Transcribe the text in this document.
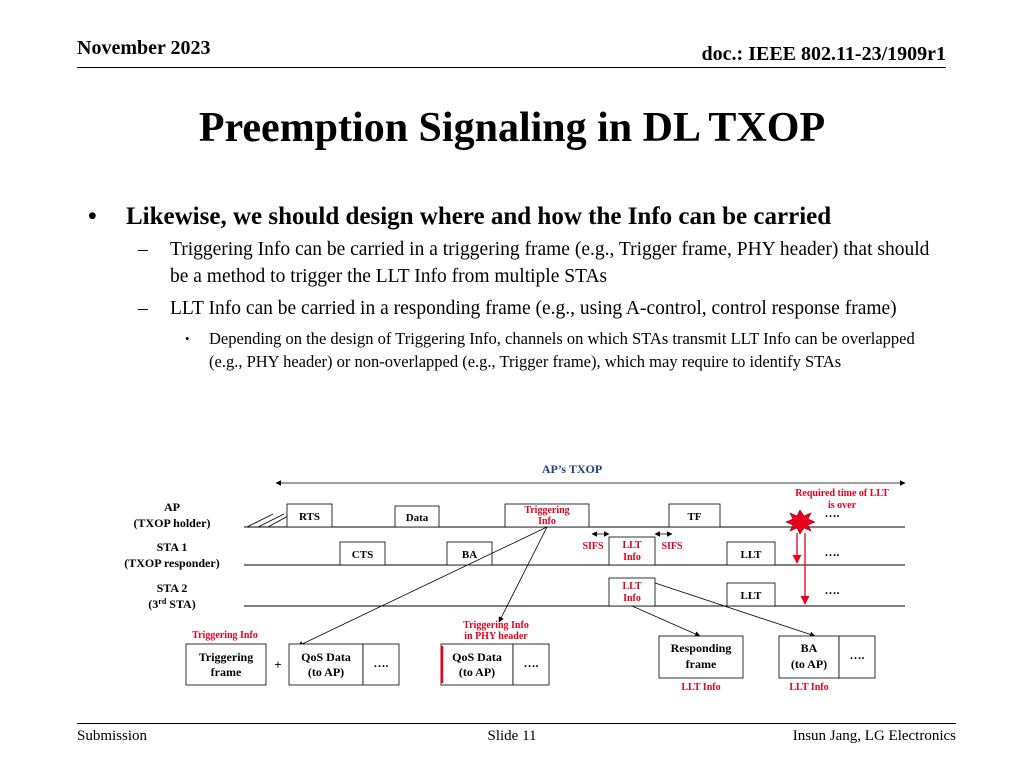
November 2023	doc.: IEEE 802.11-23/1909r1
Preemption Signaling in DL TXOP
• Likewise, we should design where and how the Info can be carried
– Triggering Info can be carried in a triggering frame (e.g., Trigger frame, PHY header) that should be a method to trigger the LLT Info from multiple STAs
– LLT Info can be carried in a responding frame (e.g., using A-control, control response frame)
• Depending on the design of Triggering Info, channels on which STAs transmit LLT Info can be overlapped (e.g., PHY header) or non-overlapped (e.g., Trigger frame), which may require to identify STAs
AP’s TXOP
AP
(TXOP holder)
STA 1
(TXOP responder)
STA 2
(3rd STA)
RTS	Data
Triggering
Info	TF
CTS	BA
LLT
Info	LLT
LLT
Info	LLT
SIFS	SIFS
Required time of LLT
is over
….
….
….
Triggering Info
Triggering
frame	+ QoS Data
(to AP)
….
Triggering Info
in PHY header
QoS Data
(to AP)
….
Responding
frame
LLT Info
BA
(to AP)
….
LLT Info
Submission	Slide 11	Insun Jang, LG Electronics
